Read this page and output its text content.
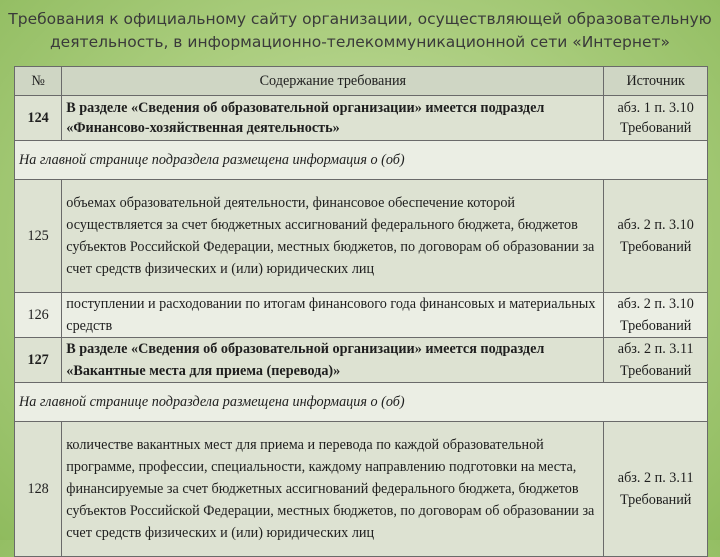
Требования к официальному сайту организации, осуществляющей образовательную
деятельность, в информационно-телекоммуникационной сети «Интернет»
№	Содержание требования	Источник
124	В разделе «Сведения об образовательной организации» имеется подраздел «Финансово-хозяйственная деятельность»	абз. 1 п. 3.10 Требований
На главной странице подраздела размещена информация о (об)		
125	объемах образовательной деятельности, финансовое обеспечение которой осуществляется за счет бюджетных ассигнований федерального бюджета, бюджетов субъектов Российской Федерации, местных бюджетов, по договорам об образовании за счет средств физических и (или) юридических лиц	абз. 2 п. 3.10 Требований
126	поступлении и расходовании по итогам финансового года финансовых и материальных средств	абз. 2 п. 3.10 Требований
127	В разделе «Сведения об образовательной организации» имеется подраздел «Вакантные места для приема (перевода)»	абз. 2 п. 3.11 Требований
На главной странице подраздела размещена информация о (об)		
128	количестве вакантных мест для приема и перевода по каждой образовательной программе, профессии, специальности, каждому направлению подготовки на места, финансируемые за счет бюджетных ассигнований федерального бюджета, бюджетов субъектов Российской Федерации, местных бюджетов, по договорам об образовании за счет средств физических и (или) юридических лиц	абз. 2 п. 3.11 Требований
